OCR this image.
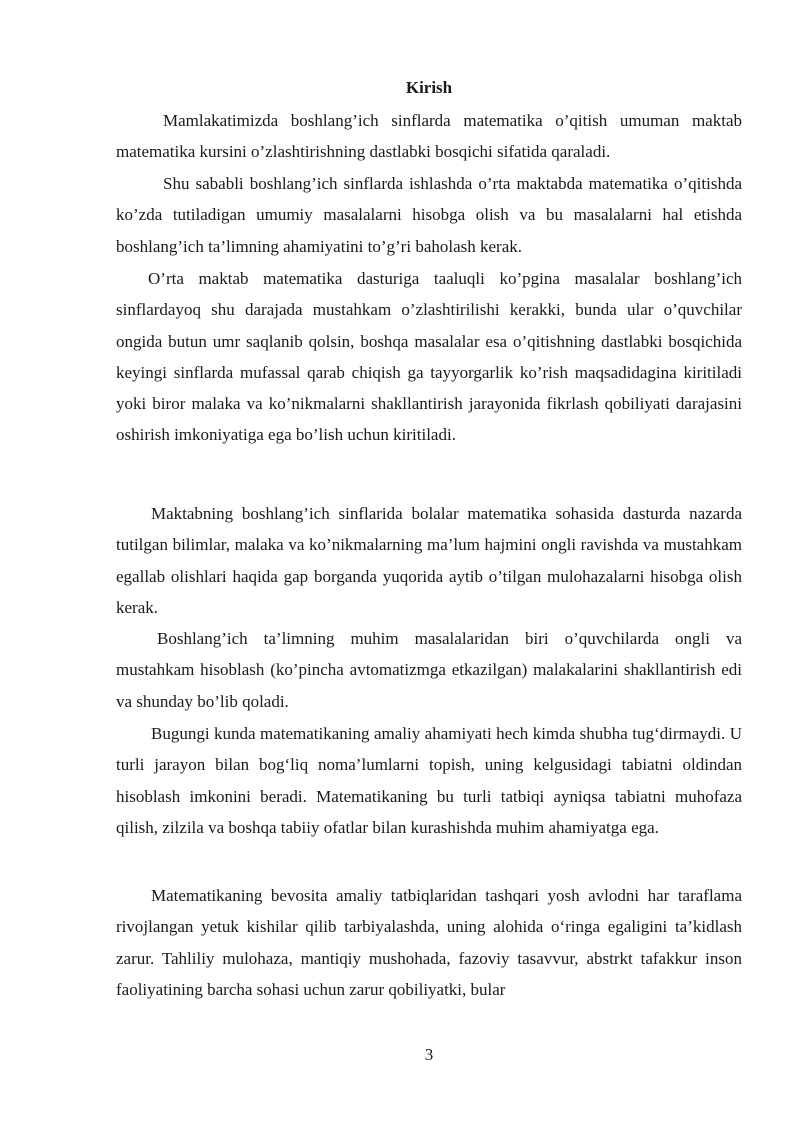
Kirish

Mamlakatimizda boshlang’ich sinflarda matematika o’qitish umuman maktab matematika kursini o’zlashtirishning dastlabki bosqichi sifatida qaraladi.

Shu sababli boshlang’ich sinflarda ishlashda o’rta maktabda matematika o’qitishda ko’zda tutiladigan umumiy masalalarni hisobga olish va bu masalalarni hal etishda boshlang’ich ta’limning ahamiyatini to’g’ri baholash kerak.

O’rta maktab matematika dasturiga taaluqli ko’pgina masalalar boshlang’ich sinflardayoq shu darajada mustahkam o’zlashtirilishi kerakki, bunda ular o’quvchilar ongida butun umr saqlanib qolsin, boshqa masalalar esa o’qitishning dastlabki bosqichida keyingi sinflarda mufassal qarab chiqish ga tayyorgarlik ko’rish maqsadidagina kiritiladi yoki biror malaka va ko’nikmalarni shakllantirish jarayonida fikrlash qobiliyati darajasini oshirish imkoniyatiga ega bo’lish uchun kiritiladi.

Maktabning boshlang’ich sinflarida bolalar matematika sohasida dasturda nazarda tutilgan bilimlar, malaka va ko’nikmalarning ma’lum hajmini ongli ravishda va mustahkam egallab olishlari haqida gap borganda yuqorida aytib o’tilgan mulohazalarni hisobga olish kerak.

Boshlang’ich ta’limning muhim masalalaridan biri o’quvchilarda ongli va mustahkam hisoblash (ko’pincha avtomatizmga etkazilgan) malakalarini shakllantirish edi va shunday bo’lib qoladi.

Bugungi kunda matematikaning amaliy ahamiyati hech kimda shubha tug‘dirmaydi. U turli jarayon bilan bog‘liq noma’lumlarni topish, uning kelgusidagi tabiatni oldindan hisoblash imkonini beradi. Matematikaning bu turli tatbiqi ayniqsa tabiatni muhofaza qilish, zilzila va boshqa tabiiy ofatlar bilan kurashishda muhim ahamiyatga ega.

Matematikaning bevosita amaliy tatbiqlaridan tashqari yosh avlodni har taraflama rivojlangan yetuk kishilar qilib tarbiyalashda, uning alohida o‘ringa egaligini ta’kidlash zarur. Tahliliy mulohaza, mantiqiy mushohada, fazoviy tasavvur, abstrkt tafakkur inson faoliyatining barcha sohasi uchun zarur qobiliyatki, bular

3
